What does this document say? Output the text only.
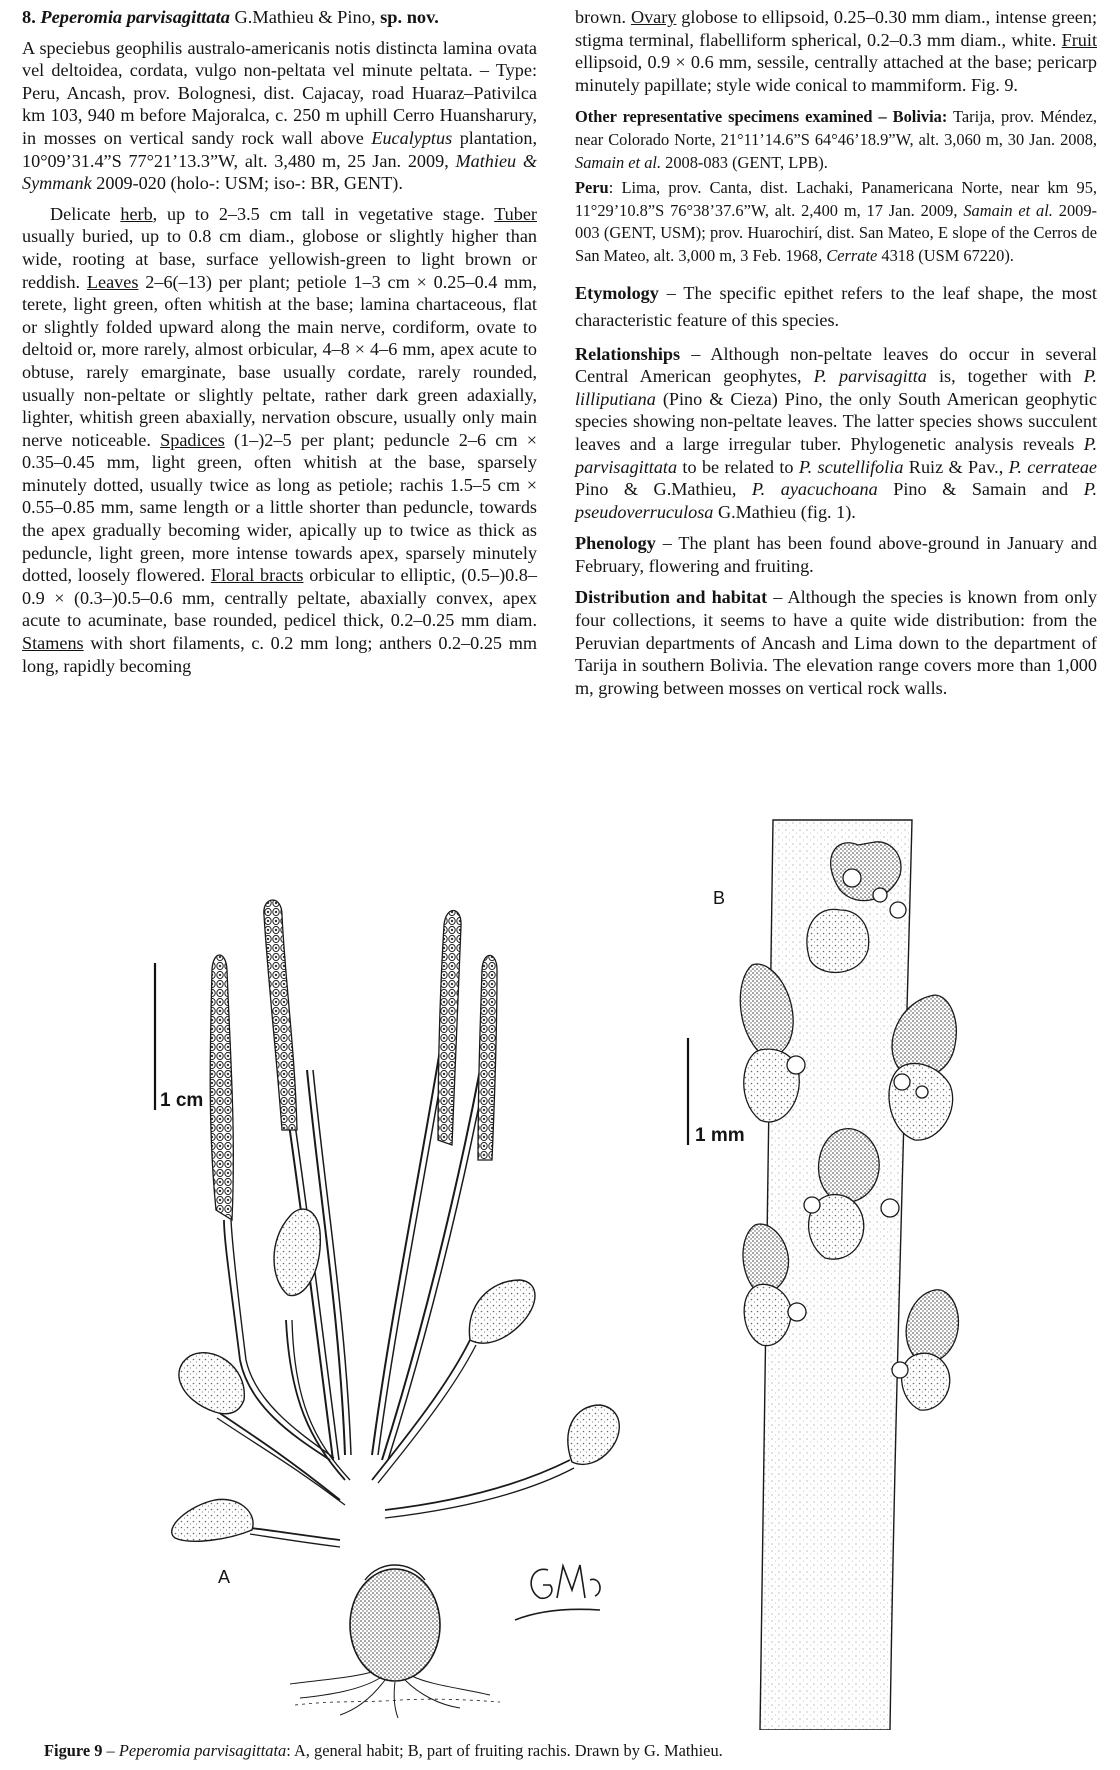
8. Peperomia parvisagittata G.Mathieu & Pino, sp. nov.

A speciebus geophilis australo-americanis notis distincta lamina ovata vel deltoidea, cordata, vulgo non-peltata vel minute peltata. – Type: Peru, Ancash, prov. Bolognesi, dist. Cajacay, road Huaraz–Pativilca km 103, 940 m before Majoralca, c. 250 m uphill Cerro Huansharury, in mosses on vertical sandy rock wall above Eucalyptus plantation, 10°09’31.4”S 77°21’13.3”W, alt. 3,480 m, 25 Jan. 2009, Mathieu & Symmank 2009-020 (holo-: USM; iso-: BR, GENT).

Delicate herb, up to 2–3.5 cm tall in vegetative stage. Tuber usually buried, up to 0.8 cm diam., globose or slightly higher than wide, rooting at base, surface yellowish-green to light brown or reddish. Leaves 2–6(–13) per plant; petiole 1–3 cm × 0.25–0.4 mm, terete, light green, often whitish at the base; lamina chartaceous, flat or slightly folded upward along the main nerve, cordiform, ovate to deltoid or, more rarely, almost orbicular, 4–8 × 4–6 mm, apex acute to obtuse, rarely emarginate, base usually cordate, rarely rounded, usually non-peltate or slightly peltate, rather dark green adaxially, lighter, whitish green abaxially, nervation obscure, usually only main nerve noticeable. Spadices (1–)2–5 per plant; peduncle 2–6 cm × 0.35–0.45 mm, light green, often whitish at the base, sparsely minutely dotted, usually twice as long as petiole; rachis 1.5–5 cm × 0.55–0.85 mm, same length or a little shorter than peduncle, towards the apex gradually becoming wider, apically up to twice as thick as peduncle, light green, more intense towards apex, sparsely minutely dotted, loosely flowered. Floral bracts orbicular to elliptic, (0.5–)0.8–0.9 × (0.3–)0.5–0.6 mm, centrally peltate, abaxially convex, apex acute to acuminate, base rounded, pedicel thick, 0.2–0.25 mm diam. Stamens with short filaments, c. 0.2 mm long; anthers 0.2–0.25 mm long, rapidly becoming

brown. Ovary globose to ellipsoid, 0.25–0.30 mm diam., intense green; stigma terminal, flabelliform spherical, 0.2–0.3 mm diam., white. Fruit ellipsoid, 0.9 × 0.6 mm, sessile, centrally attached at the base; pericarp minutely papillate; style wide conical to mammiform. Fig. 9.

Other representative specimens examined – Bolivia: Tarija, prov. Méndez, near Colorado Norte, 21°11’14.6”S 64°46’18.9”W, alt. 3,060 m, 30 Jan. 2008, Samain et al. 2008-083 (GENT, LPB).

Peru: Lima, prov. Canta, dist. Lachaki, Panamericana Norte, near km 95, 11°29’10.8”S 76°38’37.6”W, alt. 2,400 m, 17 Jan. 2009, Samain et al. 2009-003 (GENT, USM); prov. Huarochirí, dist. San Mateo, E slope of the Cerros de San Mateo, alt. 3,000 m, 3 Feb. 1968, Cerrate 4318 (USM 67220).

Etymology – The specific epithet refers to the leaf shape, the most characteristic feature of this species.

Relationships – Although non-peltate leaves do occur in several Central American geophytes, P. parvisagitta is, together with P. lilliputiana (Pino & Cieza) Pino, the only South American geophytic species showing non-peltate leaves. The latter species shows succulent leaves and a large irregular tuber. Phylogenetic analysis reveals P. parvisagittata to be related to P. scutellifolia Ruiz & Pav., P. cerrateae Pino & G.Mathieu, P. ayacuchoana Pino & Samain and P. pseudoverruculosa G.Mathieu (fig. 1).

Phenology – The plant has been found above-ground in January and February, flowering and fruiting.

Distribution and habitat – Although the species is known from only four collections, it seems to have a quite wide distribution: from the Peruvian departments of Ancash and Lima down to the department of Tarija in southern Bolivia. The elevation range covers more than 1,000 m, growing between mosses on vertical rock walls.

B
A
1 cm
1 mm

Figure 9 – Peperomia parvisagittata: A, general habit; B, part of fruiting rachis. Drawn by G. Mathieu.
